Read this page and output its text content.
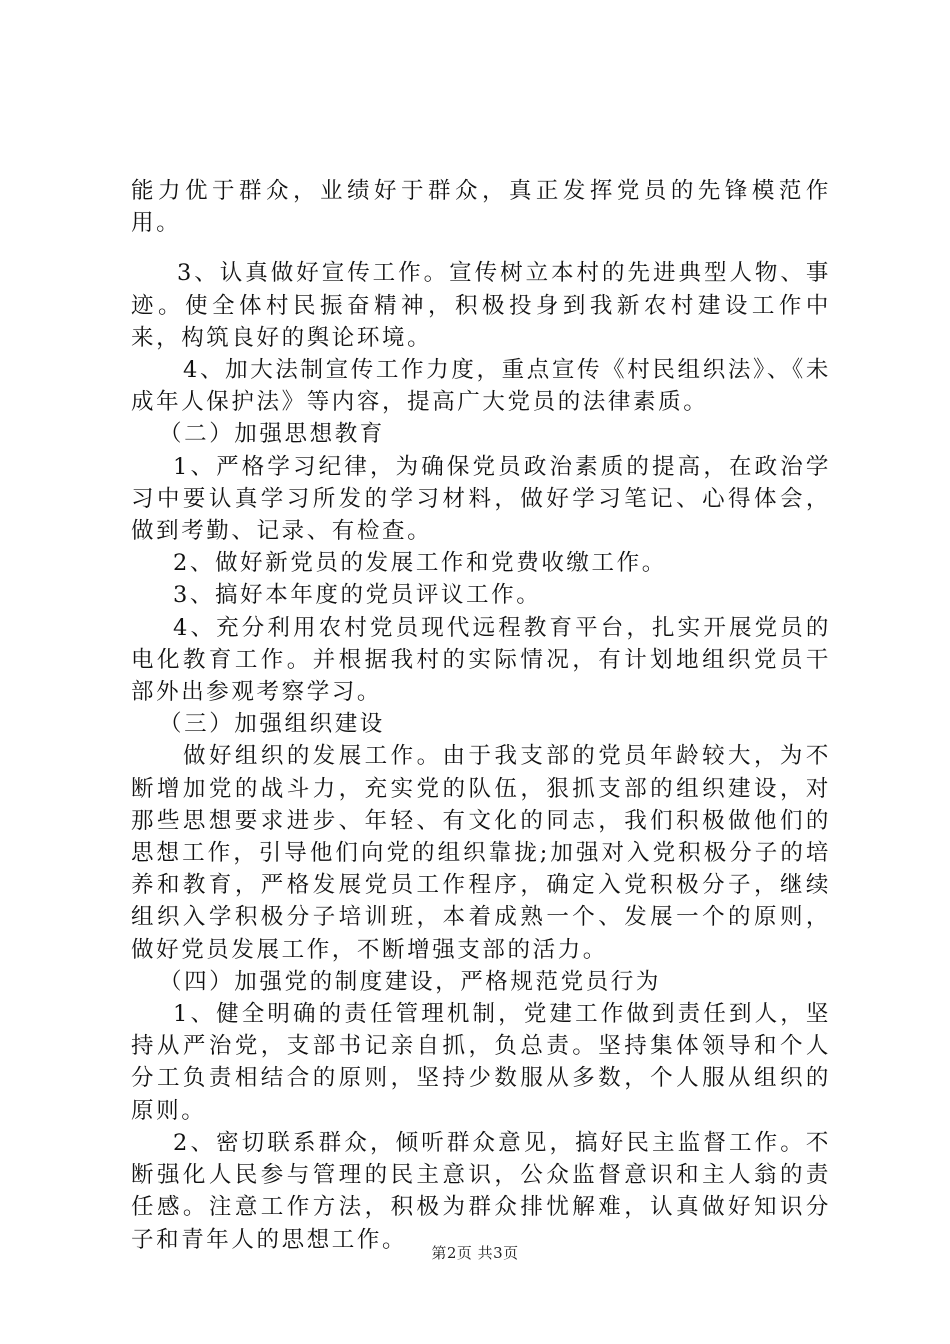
能力优于群众，业绩好于群众，真正发挥党员的先锋模范作用。

3、认真做好宣传工作。宣传树立本村的先进典型人物、事迹。使全体村民振奋精神，积极投身到我新农村建设工作中来，构筑良好的舆论环境。

4、加大法制宣传工作力度，重点宣传《村民组织法》、《未成年人保护法》等内容，提高广大党员的法律素质。

（二）加强思想教育

1、严格学习纪律，为确保党员政治素质的提高，在政治学习中要认真学习所发的学习材料，做好学习笔记、心得体会，做到考勤、记录、有检查。

2、做好新党员的发展工作和党费收缴工作。

3、搞好本年度的党员评议工作。

4、充分利用农村党员现代远程教育平台，扎实开展党员的电化教育工作。并根据我村的实际情况，有计划地组织党员干部外出参观考察学习。

（三）加强组织建设

做好组织的发展工作。由于我支部的党员年龄较大，为不断增加党的战斗力，充实党的队伍，狠抓支部的组织建设，对那些思想要求进步、年轻、有文化的同志，我们积极做他们的思想工作，引导他们向党的组织靠拢;加强对入党积极分子的培养和教育，严格发展党员工作程序，确定入党积极分子，继续组织入学积极分子培训班，本着成熟一个、发展一个的原则，做好党员发展工作，不断增强支部的活力。

（四）加强党的制度建设，严格规范党员行为

1、健全明确的责任管理机制，党建工作做到责任到人，坚持从严治党，支部书记亲自抓，负总责。坚持集体领导和个人分工负责相结合的原则，坚持少数服从多数，个人服从组织的原则。

2、密切联系群众，倾听群众意见，搞好民主监督工作。不断强化人民参与管理的民主意识，公众监督意识和主人翁的责任感。注意工作方法，积极为群众排忧解难，认真做好知识分子和青年人的思想工作。

第2页 共3页
